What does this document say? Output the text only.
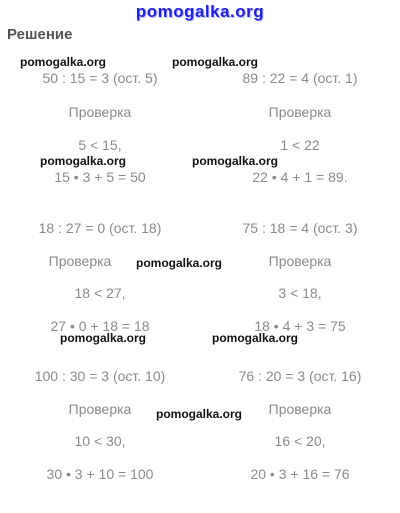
pomogalka.org
Решение
50 : 15 = 3 (ост. 5)	89 : 22 = 4 (ост. 1)
Проверка	Проверка
5 < 15,	1 < 22
15 • 3 + 5 = 50	22 • 4 + 1 = 89.
18 : 27 = 0 (ост. 18)	75 : 18 = 4 (ост. 3)
Проверка	Проверка
18 < 27,	3 < 18,
27 • 0 + 18 = 18	18 • 4 + 3 = 75
100 : 30 = 3 (ост. 10)	76 : 20 = 3 (ост. 16)
Проверка	Проверка
10 < 30,	16 < 20,
30 • 3 + 10 = 100	20 • 3 + 16 = 76
pomogalka.org	pomogalka.org
pomogalka.org	pomogalka.org
pomogalka.org
pomogalka.org	pomogalka.org
pomogalka.org
